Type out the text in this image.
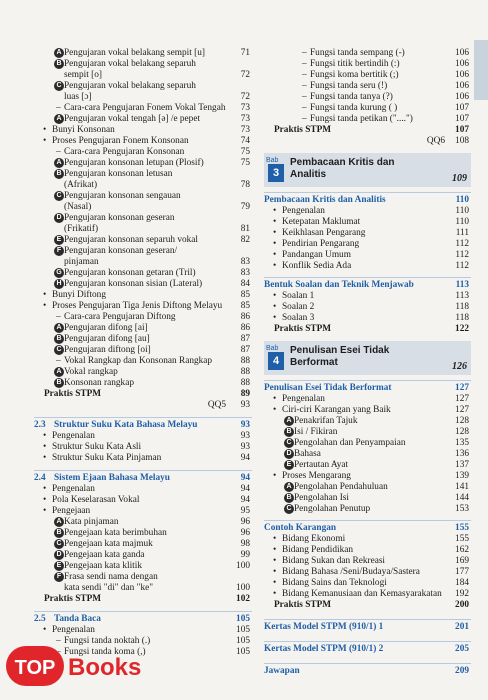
A Pengujaran vokal belakang sempit [u]	71
B Pengujaran vokal belakang separuh
sempit [o]	72
C Pengujaran vokal belakang separuh
luas [ɔ]	72
– Cara-cara Pengujaran Fonem Vokal Tengah 73
A Pengujaran vokal tengah [ə] /e pepet	73
• Bunyi Konsonan	73
• Proses Pengujaran Fonem Konsonan	74
– Cara-cara Pengujaran Konsonan	75
A Pengujaran konsonan letupan (Plosif)	75
B Pengujaran konsonan letusan
(Afrikat)	78
C Pengujaran konsonan sengauan
(Nasal)	79
D Pengujaran konsonan geseran
(Frikatif)	81
E Pengujaran konsonan separuh vokal	82
F Pengujaran konsonan geseran/
pinjaman	83
G Pengujaran konsonan getaran (Tril)	83
H Pengujaran konsonan sisian (Lateral)	84
• Bunyi Diftong	85
• Proses Pengujaran Tiga Jenis Diftong Melayu 85
– Cara-cara Pengujaran Diftong	86
A Pengujaran difong [ai]	86
B Pengujaran difong [au]	87
C Pengujaran diftong [oi]	87
– Vokal Rangkap dan Konsonan Rangkap	88
A Vokal rangkap	88
B Konsonan rangkap	88
Praktis STPM	89
QQ5 93
2.3 Struktur Suku Kata Bahasa Melayu	93
• Pengenalan	93
• Struktur Suku Kata Asli	93
• Struktur Suku Kata Pinjaman	94
2.4 Sistem Ejaan Bahasa Melayu	94
• Pengenalan	94
• Pola Keselarasan Vokal	94
• Pengejaan	95
A Kata pinjaman	96
B Pengejaan kata berimbuhan	96
C Pengejaan kata majmuk	98
D Pengejaan kata ganda	99
E Pengejaan kata klitik	100
F Frasa sendi nama dengan
kata sendi "di" dan "ke"	100
Praktis STPM	102
2.5 Tanda Baca	105
• Pengenalan	105
– Fungsi tanda noktah (.)	105
– Fungsi tanda koma (,)	105
– Fungsi tanda sempang (-)	106
– Fungsi titik bertindih (:)	106
– Fungsi koma bertitik (;)	106
– Fungsi tanda seru (!)	106
– Fungsi tanda tanya (?)	106
– Fungsi tanda kurung ( )	107
– Fungsi tanda petikan ("....")	107
Praktis STPM	107
QQ6 108
Bab
3
Pembacaan Kritis dan Analitis	109
Pembacaan Kritis dan Analitis	110
• Pengenalan	110
• Ketepatan Maklumat	110
• Keikhlasan Pengarang	111
• Pendirian Pengarang	112
• Pandangan Umum	112
• Konflik Sedia Ada	112
Bentuk Soalan dan Teknik Menjawab	113
• Soalan 1	113
• Soalan 2	118
• Soalan 3	118
Praktis STPM	122
Bab
4
Penulisan Esei Tidak Berformat	126
Penulisan Esei Tidak Berformat	127
• Pengenalan	127
• Ciri-ciri Karangan yang Baik	127
A Penakrifan Tajuk	128
B Isi / Fikiran	128
C Pengolahan dan Penyampaian	135
D Bahasa	136
E Pertautan Ayat	137
• Proses Mengarang	139
A Pengolahan Pendahuluan	141
B Pengolahan Isi	144
C Pengolahan Penutup	153
Contoh Karangan	155
• Bidang Ekonomi	155
• Bidang Pendidikan	162
• Bidang Sukan dan Rekreasi	169
• Bidang Bahasa /Seni/Budaya/Sastera	177
• Bidang Sains dan Teknologi	184
• Bidang Kemanusiaan dan Kemasyarakatan 192
Praktis STPM	200
Kertas Model STPM (910/1) 1	201
Kertas Model STPM (910/1) 2	205
Jawapan	209
TOP Books
